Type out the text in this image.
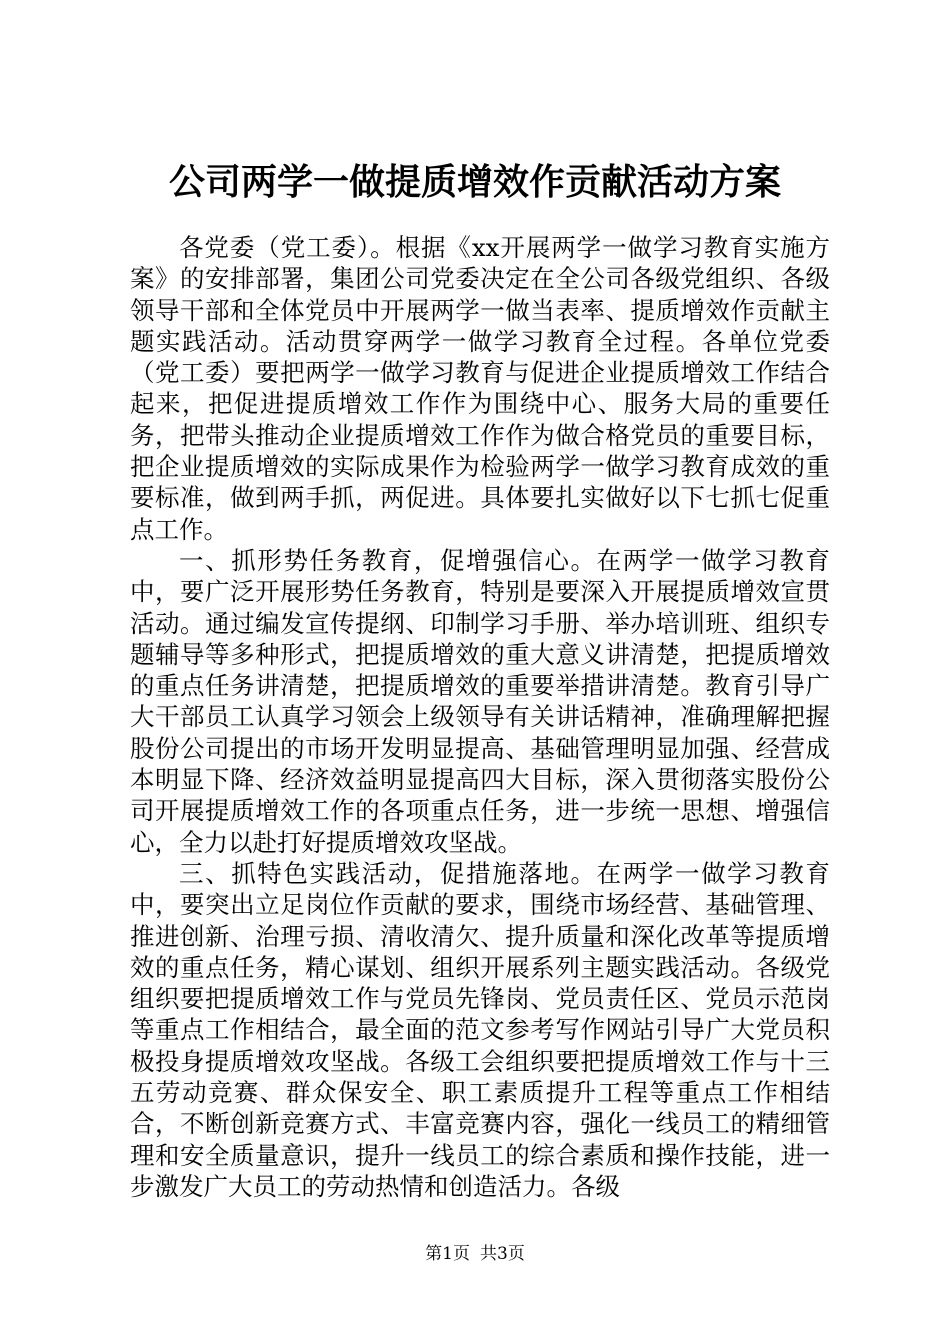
公司两学一做提质增效作贡献活动方案

各党委（党工委）。根据《xx开展两学一做学习教育实施方案》的安排部署，集团公司党委决定在全公司各级党组织、各级领导干部和全体党员中开展两学一做当表率、提质增效作贡献主题实践活动。活动贯穿两学一做学习教育全过程。各单位党委（党工委）要把两学一做学习教育与促进企业提质增效工作结合起来，把促进提质增效工作作为围绕中心、服务大局的重要任务，把带头推动企业提质增效工作作为做合格党员的重要目标，把企业提质增效的实际成果作为检验两学一做学习教育成效的重要标准，做到两手抓，两促进。具体要扎实做好以下七抓七促重点工作。

一、抓形势任务教育，促增强信心。在两学一做学习教育中，要广泛开展形势任务教育，特别是要深入开展提质增效宣贯活动。通过编发宣传提纲、印制学习手册、举办培训班、组织专题辅导等多种形式，把提质增效的重大意义讲清楚，把提质增效的重点任务讲清楚，把提质增效的重要举措讲清楚。教育引导广大干部员工认真学习领会上级领导有关讲话精神，准确理解把握股份公司提出的市场开发明显提高、基础管理明显加强、经营成本明显下降、经济效益明显提高四大目标，深入贯彻落实股份公司开展提质增效工作的各项重点任务，进一步统一思想、增强信心，全力以赴打好提质增效攻坚战。

三、抓特色实践活动，促措施落地。在两学一做学习教育中，要突出立足岗位作贡献的要求，围绕市场经营、基础管理、推进创新、治理亏损、清收清欠、提升质量和深化改革等提质增效的重点任务，精心谋划、组织开展系列主题实践活动。各级党组织要把提质增效工作与党员先锋岗、党员责任区、党员示范岗等重点工作相结合，最全面的范文参考写作网站引导广大党员积极投身提质增效攻坚战。各级工会组织要把提质增效工作与十三五劳动竞赛、群众保安全、职工素质提升工程等重点工作相结合，不断创新竞赛方式、丰富竞赛内容，强化一线员工的精细管理和安全质量意识，提升一线员工的综合素质和操作技能，进一步激发广大员工的劳动热情和创造活力。各级

第1页 共3页
